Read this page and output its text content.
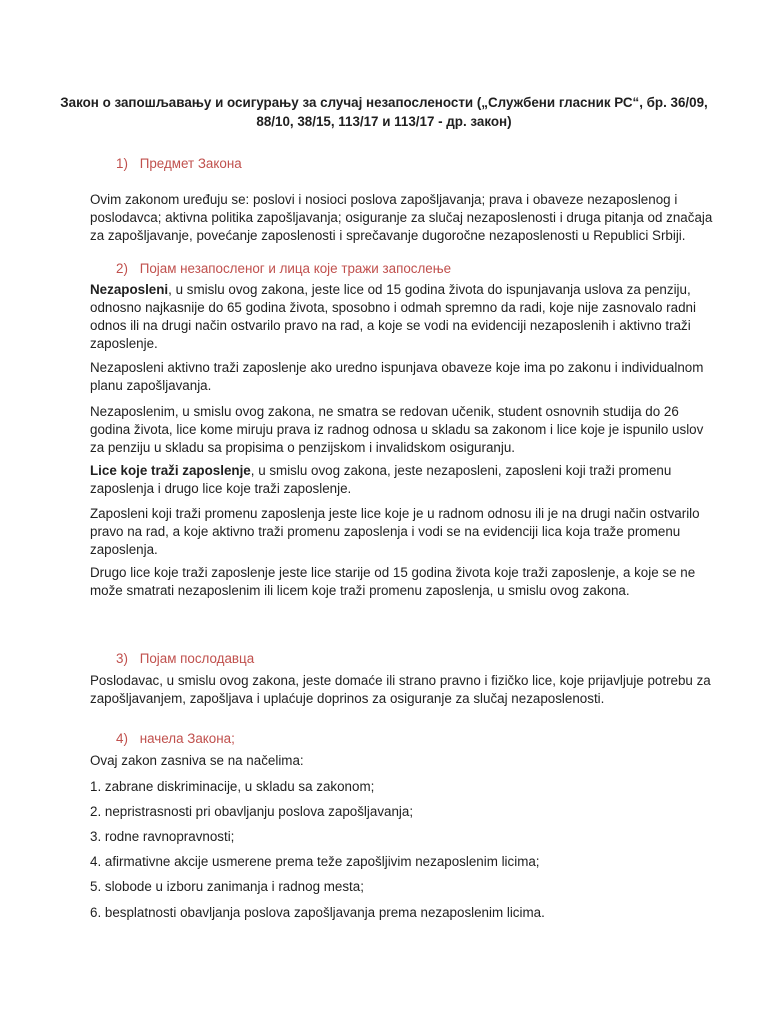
Закон о запошљавању и осигурању за случај незапослености („Службени гласник РС“, бр. 36/09,
88/10, 38/15, 113/17 и 113/17 - др. закон)
1) Предмет Закона
Ovim zakonom uređuju se: poslovi i nosioci poslova zapošljavanja; prava i obaveze nezaposlenog i
poslodavca; aktivna politika zapošljavanja; osiguranje za slučaj nezaposlenosti i druga pitanja od značaja
za zapošljavanje, povećanje zaposlenosti i sprečavanje dugoročne nezaposlenosti u Republici Srbiji.
2) Појам незапосленог и лица које тражи запослење
Nezaposleni, u smislu ovog zakona, jeste lice od 15 godina života do ispunjavanja uslova za penziju,
odnosno najkasnije do 65 godina života, sposobno i odmah spremno da radi, koje nije zasnovalo radni
odnos ili na drugi način ostvarilo pravo na rad, a koje se vodi na evidenciji nezaposlenih i aktivno traži
zaposlenje.
Nezaposleni aktivno traži zaposlenje ako uredno ispunjava obaveze koje ima po zakonu i individualnom
planu zapošljavanja.
Nezaposlenim, u smislu ovog zakona, ne smatra se redovan učenik, student osnovnih studija do 26
godina života, lice kome miruju prava iz radnog odnosa u skladu sa zakonom i lice koje je ispunilo uslov
za penziju u skladu sa propisima o penzijskom i invalidskom osiguranju.
Lice koje traži zaposlenje, u smislu ovog zakona, jeste nezaposleni, zaposleni koji traži promenu
zaposlenja i drugo lice koje traži zaposlenje.
Zaposleni koji traži promenu zaposlenja jeste lice koje je u radnom odnosu ili je na drugi način ostvarilo
pravo na rad, a koje aktivno traži promenu zaposlenja i vodi se na evidenciji lica koja traže promenu
zaposlenja.
Drugo lice koje traži zaposlenje jeste lice starije od 15 godina života koje traži zaposlenje, a koje se ne
može smatrati nezaposlenim ili licem koje traži promenu zaposlenja, u smislu ovog zakona.
3) Појам послодавца
Poslodavac, u smislu ovog zakona, jeste domaće ili strano pravno i fizičko lice, koje prijavljuje potrebu za
zapošljavanjem, zapošljava i uplaćuje doprinos za osiguranje za slučaj nezaposlenosti.
4) начела Закона;
Ovaj zakon zasniva se na načelima:
1. zabrane diskriminacije, u skladu sa zakonom;
2. nepristrasnosti pri obavljanju poslova zapošljavanja;
3. rodne ravnopravnosti;
4. afirmativne akcije usmerene prema teže zapošljivim nezaposlenim licima;
5. slobode u izboru zanimanja i radnog mesta;
6. besplatnosti obavljanja poslova zapošljavanja prema nezaposlenim licima.
